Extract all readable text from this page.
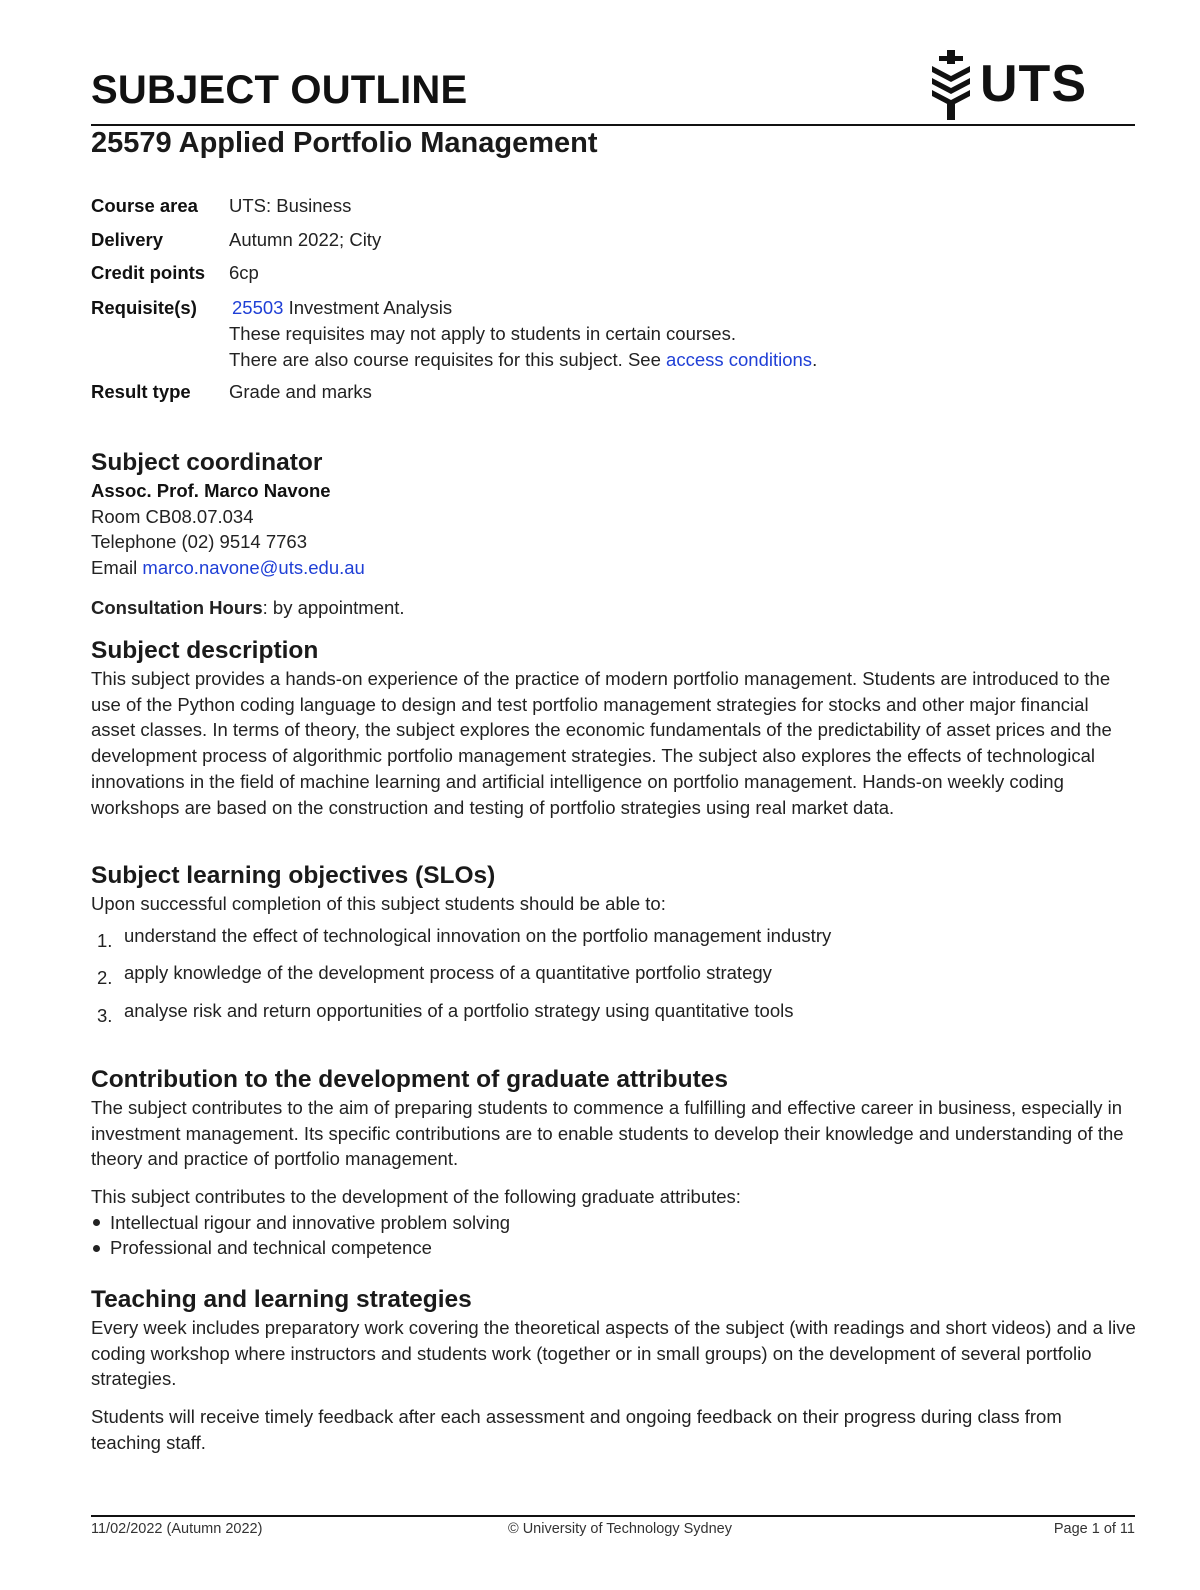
SUBJECT OUTLINE	UTS
25579 Applied Portfolio Management
Course area	UTS: Business
Delivery	Autumn 2022; City
Credit points	6cp
Requisite(s)	25503 Investment Analysis
These requisites may not apply to students in certain courses.
There are also course requisites for this subject. See access conditions.
Result type	Grade and marks
Subject coordinator

Assoc. Prof. Marco Navone

Room CB08.07.034

Telephone (02) 9514 7763

Email marco.navone@uts.edu.au

Consultation Hours: by appointment.

Subject description

This subject provides a hands-on experience of the practice of modern portfolio management. Students are introduced to the use of the Python coding language to design and test portfolio management strategies for stocks and other major financial asset classes. In terms of theory, the subject explores the economic fundamentals of the predictability of asset prices and the development process of algorithmic portfolio management strategies. The subject also explores the effects of technological innovations in the field of machine learning and artificial intelligence on portfolio management. Hands-on weekly coding workshops are based on the construction and testing of portfolio strategies using real market data.

Subject learning objectives (SLOs)

Upon successful completion of this subject students should be able to:

1. understand the effect of technological innovation on the portfolio management industry
2. apply knowledge of the development process of a quantitative portfolio strategy
3. analyse risk and return opportunities of a portfolio strategy using quantitative tools
Contribution to the development of graduate attributes

The subject contributes to the aim of preparing students to commence a fulfilling and effective career in business, especially in investment management. Its specific contributions are to enable students to develop their knowledge and understanding of the theory and practice of portfolio management.

This subject contributes to the development of the following graduate attributes:

Intellectual rigour and innovative problem solving
Professional and technical competence
Teaching and learning strategies

Every week includes preparatory work covering the theoretical aspects of the subject (with readings and short videos) and a live coding workshop where instructors and students work (together or in small groups) on the development of several portfolio strategies.

Students will receive timely feedback after each assessment and ongoing feedback on their progress during class from teaching staff.

11/02/2022 (Autumn 2022)	© University of Technology Sydney	Page 1 of 11
